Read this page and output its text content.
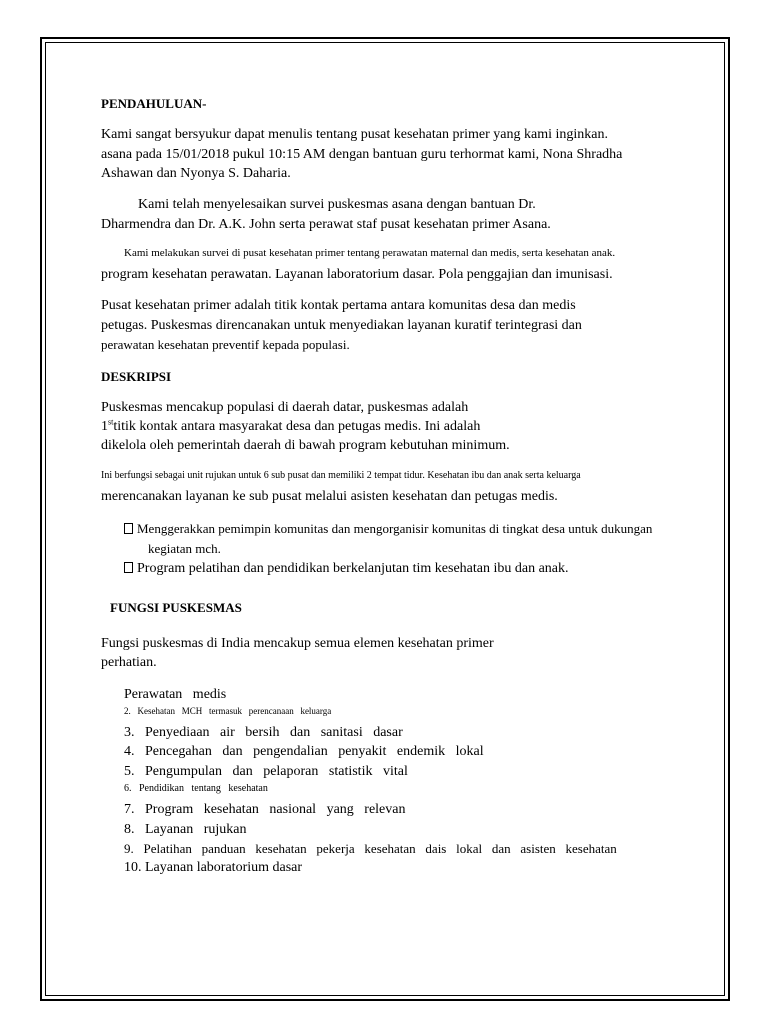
PENDAHULUAN-
Kami sangat bersyukur dapat menulis tentang pusat kesehatan primer yang kami inginkan.
asana pada 15/01/2018 pukul 10:15 AM dengan bantuan guru terhormat kami, Nona Shradha
Ashawan dan Nyonya S. Daharia.
Kami telah menyelesaikan survei puskesmas asana dengan bantuan Dr.
Dharmendra dan Dr. A.K. John serta perawat staf pusat kesehatan primer Asana.
Kami melakukan survei di pusat kesehatan primer tentang perawatan maternal dan medis, serta kesehatan anak.
program kesehatan perawatan. Layanan laboratorium dasar. Pola penggajian dan imunisasi.
Pusat kesehatan primer adalah titik kontak pertama antara komunitas desa dan medis
petugas. Puskesmas direncanakan untuk menyediakan layanan kuratif terintegrasi dan
perawatan kesehatan preventif kepada populasi.
DESKRIPSI
Puskesmas mencakup populasi di daerah datar, puskesmas adalah
1sttitik kontak antara masyarakat desa dan petugas medis. Ini adalah
dikelola oleh pemerintah daerah di bawah program kebutuhan minimum.
Ini berfungsi sebagai unit rujukan untuk 6 sub pusat dan memiliki 2 tempat tidur. Kesehatan ibu dan anak serta keluarga
merencanakan layanan ke sub pusat melalui asisten kesehatan dan petugas medis.
Menggerakkan pemimpin komunitas dan mengorganisir komunitas di tingkat desa untuk dukungan
kegiatan mch.
Program pelatihan dan pendidikan berkelanjutan tim kesehatan ibu dan anak.
FUNGSI PUSKESMAS
Fungsi puskesmas di India mencakup semua elemen kesehatan primer
perhatian.
Perawatan   medis
2.   Kesehatan   MCH   termasuk   perencanaan   keluarga
3.   Penyediaan   air   bersih   dan   sanitasi   dasar
4.   Pencegahan   dan   pengendalian   penyakit   endemik   lokal
5.   Pengumpulan   dan   pelaporan   statistik   vital
6.   Pendidikan   tentang   kesehatan
7.   Program   kesehatan   nasional   yang   relevan
8.   Layanan   rujukan
9.   Pelatihan   panduan   kesehatan   pekerja   kesehatan   dais   lokal   dan   asisten   kesehatan
10. Layanan laboratorium dasar
